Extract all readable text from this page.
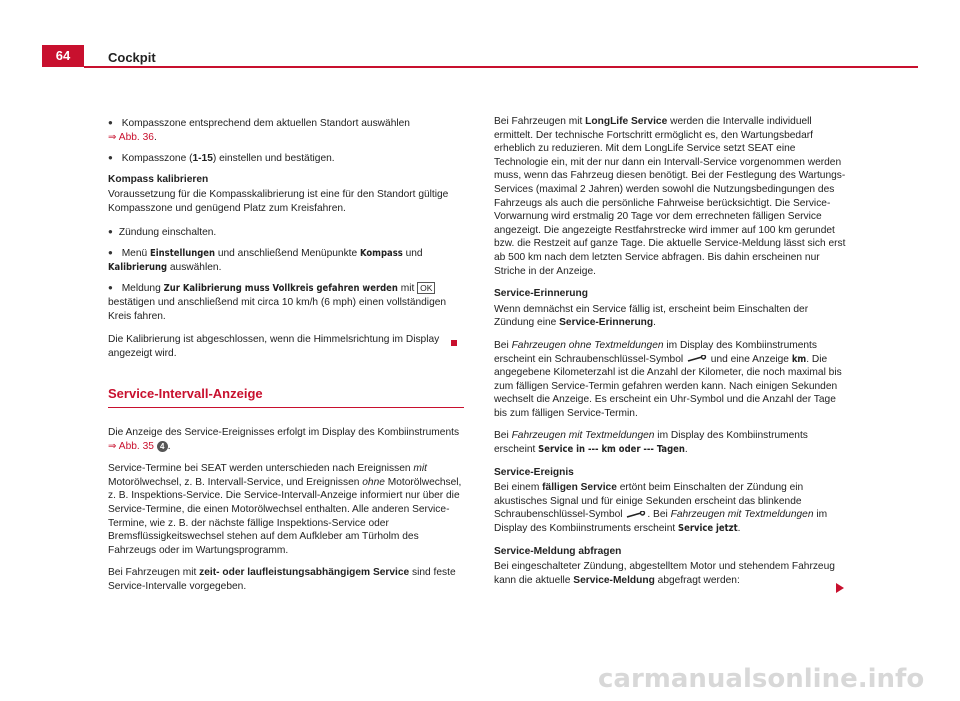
64	Cockpit
● Kompasszone entsprechend dem aktuellen Standort auswählen
⇒ Abb. 36.
● Kompasszone (1-15) einstellen und bestätigen.
Kompass kalibrieren

Voraussetzung für die Kompasskalibrierung ist eine für den Standort gültige Kompasszone und genügend Platz zum Kreisfahren.

● Zündung einschalten.
● Menü Einstellungen und anschließend Menüpunkte Kompass und Kalibrierung auswählen.
● Meldung Zur Kalibrierung muss Vollkreis gefahren werden mit OK bestätigen und anschließend mit circa 10 km/h (6 mph) einen vollständigen Kreis fahren.

Die Kalibrierung ist abgeschlossen, wenn die Himmelsrichtung im Display angezeigt wird.

Service-Intervall-Anzeige

Die Anzeige des Service-Ereignisses erfolgt im Display des Kombiinstruments ⇒ Abb. 35 4 .

Service-Termine bei SEAT werden unterschieden nach Ereignissen mit Motorölwechsel, z. B. Intervall-Service, und Ereignissen ohne Motorölwechsel, z. B. Inspektions-Service. Die Service-Intervall-Anzeige informiert nur über die Service-Termine, die einen Motorölwechsel enthalten. Alle anderen Service-Termine, wie z. B. der nächste fällige Inspektions-Service oder Bremsflüssigkeitswechsel stehen auf dem Aufkleber am Türholm des Fahrzeugs oder im Wartungsprogramm.

Bei Fahrzeugen mit zeit- oder laufleistungsabhängigem Service sind feste Service-Intervalle vorgegeben.

Bei Fahrzeugen mit LongLife Service werden die Intervalle individuell ermittelt. Der technische Fortschritt ermöglicht es, den Wartungsbedarf erheblich zu reduzieren. Mit dem LongLife Service setzt SEAT eine Technologie ein, mit der nur dann ein Intervall-Service vorgenommen werden muss, wenn das Fahrzeug diesen benötigt. Bei der Festlegung des Wartungs-Services (maximal 2 Jahren) werden sowohl die Nutzungsbedingungen des Fahrzeugs als auch die persönliche Fahrweise berücksichtigt. Die Service-Vorwarnung wird erstmalig 20 Tage vor dem errechneten fälligen Service angezeigt. Die angezeigte Restfahrstrecke wird immer auf 100 km gerundet bzw. die Restzeit auf ganze Tage. Die aktuelle Service-Meldung lässt sich erst ab 500 km nach dem letzten Service abfragen. Bis dahin erscheinen nur Striche in der Anzeige.

Service-Erinnerung

Wenn demnächst ein Service fällig ist, erscheint beim Einschalten der Zündung eine Service-Erinnerung.

Bei Fahrzeugen ohne Textmeldungen im Display des Kombiinstruments erscheint ein Schraubenschlüssel-Symbol  und eine Anzeige km. Die angegebene Kilometerzahl ist die Anzahl der Kilometer, die noch maximal bis zum fälligen Service-Termin gefahren werden kann. Nach einigen Sekunden wechselt die Anzeige. Es erscheint ein Uhr-Symbol und die Anzahl der Tage bis zum fälligen Service-Termin.

Bei Fahrzeugen mit Textmeldungen im Display des Kombiinstruments erscheint Service in --- km oder --- Tagen.

Service-Ereignis

Bei einem fälligen Service ertönt beim Einschalten der Zündung ein akustisches Signal und für einige Sekunden erscheint das blinkende Schraubenschlüssel-Symbol . Bei Fahrzeugen mit Textmeldungen im Display des Kombiinstruments erscheint Service jetzt.

Service-Meldung abfragen

Bei eingeschalteter Zündung, abgestelltem Motor und stehendem Fahrzeug kann die aktuelle Service-Meldung abgefragt werden:

carmanualsonline.info
